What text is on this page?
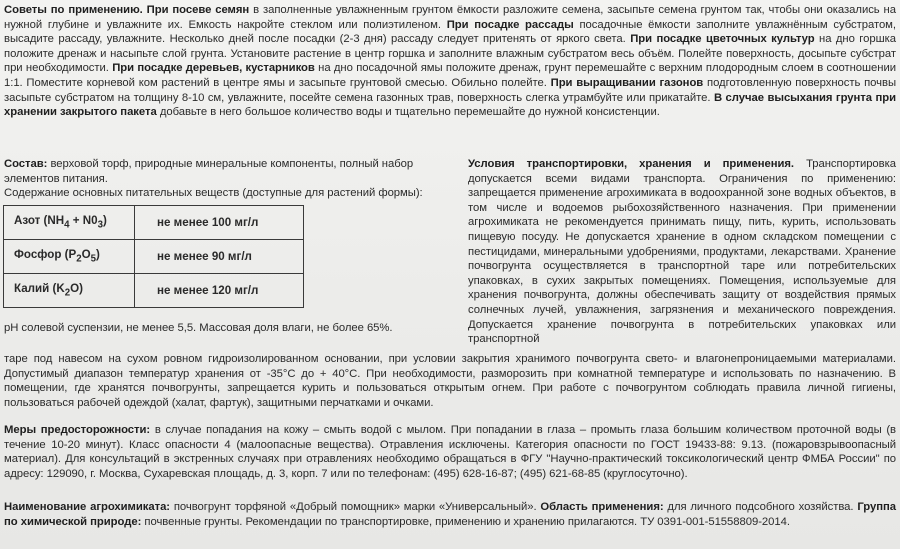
Советы по применению. При посеве семян в заполненные увлажненным грунтом ёмкости разложите семена, засыпьте семена грунтом так, чтобы они оказались на нужной глубине и увлажните их. Емкость накройте стеклом или полиэтиленом. При посадке рассады посадочные ёмкости заполните увлажнённым субстратом, высадите рассаду, увлажните. Несколько дней после посадки (2-3 дня) рассаду следует притенять от яркого света. При посадке цветочных культур на дно горшка положите дренаж и насыпьте слой грунта. Установите растение в центр горшка и заполните влажным субстратом весь объём. Полейте поверхность, досыпьте субстрат при необходимости. При посадке деревьев, кустарников на дно посадочной ямы положите дренаж, грунт перемешайте с верхним плодородным слоем в соотношении 1:1. Поместите корневой ком растений в центре ямы и засыпьте грунтовой смесью. Обильно полейте. При выращивании газонов подготовленную поверхность почвы засыпьте субстратом на толщину 8-10 см, увлажните, посейте семена газонных трав, поверхность слегка утрамбуйте или прикатайте. В случае высыхания грунта при хранении закрытого пакета добавьте в него большое количество воды и тщательно перемешайте до нужной консистенции.
Состав: верховой торф, природные минеральные компоненты, полный набор элементов питания.
Содержание основных питательных веществ (доступные для растений формы):
Азот $(NH_4 + N0_3)$	не менее 100 мг/л
Фосфор $(P_2O_5)$	не менее 90 мг/л
Калий $(K_2O)$	не менее 120 мг/л
рН солевой суспензии, не менее 5,5. Массовая доля влаги, не более 65%.
Условия транспортировки, хранения и применения. Транспортировка допускается всеми видами транспорта. Ограничения по применению: запрещается применение агрохимиката в водоохранной зоне водных объектов, в том числе и водоемов рыбохозяйственного назначения. При применении агрохимиката не рекомендуется принимать пищу, пить, курить, использовать пищевую посуду. Не допускается хранение в одном складском помещении с пестицидами, минеральными удобрениями, продуктами, лекарствами. Хранение почвогрунта осуществляется в транспортной таре или потребительских упаковках, в сухих закрытых помещениях. Помещения, используемые для хранения почвогрунта, должны обеспечивать защиту от воздействия прямых солнечных лучей, увлажнения, загрязнения и механического повреждения. Допускается хранение почвогрунта в потребительских упаковках или транспортной
таре под навесом на сухом ровном гидроизолированном основании, при условии закрытия хранимого почвогрунта свето- и влагонепроницаемыми материалами. Допустимый диапазон температур хранения от -35°С до + 40°С. При необходимости, разморозить при комнатной температуре и использовать по назначению. В помещении, где хранятся почвогрунты, запрещается курить и пользоваться открытым огнем. При работе с почвогрунтом соблюдать правила личной гигиены, пользоваться рабочей одеждой (халат, фартук), защитными перчатками и очками.
Меры предосторожности: в случае попадания на кожу – смыть водой с мылом. При попадании в глаза – промыть глаза большим количеством проточной воды (в течение 10-20 минут). Класс опасности 4 (малоопасные вещества). Отравления исключены. Категория опасности по ГОСТ 19433-88: 9.13. (пожаровзрывоопасный материал). Для консультаций в экстренных случаях при отравлениях необходимо обращаться в ФГУ "Научно-практический токсикологический центр ФМБА России" по адресу: 129090, г. Москва, Сухаревская площадь, д. 3, корп. 7 или по телефонам: (495) 628-16-87; (495) 621-68-85 (круглосуточно).
Наименование агрохимиката: почвогрунт торфяной «Добрый помощник» марки «Универсальный». Область применения: для личного подсобного хозяйства. Группа по химической природе: почвенные грунты. Рекомендации по транспортировке, применению и хранению прилагаются. ТУ 0391-001-51558809-2014.
